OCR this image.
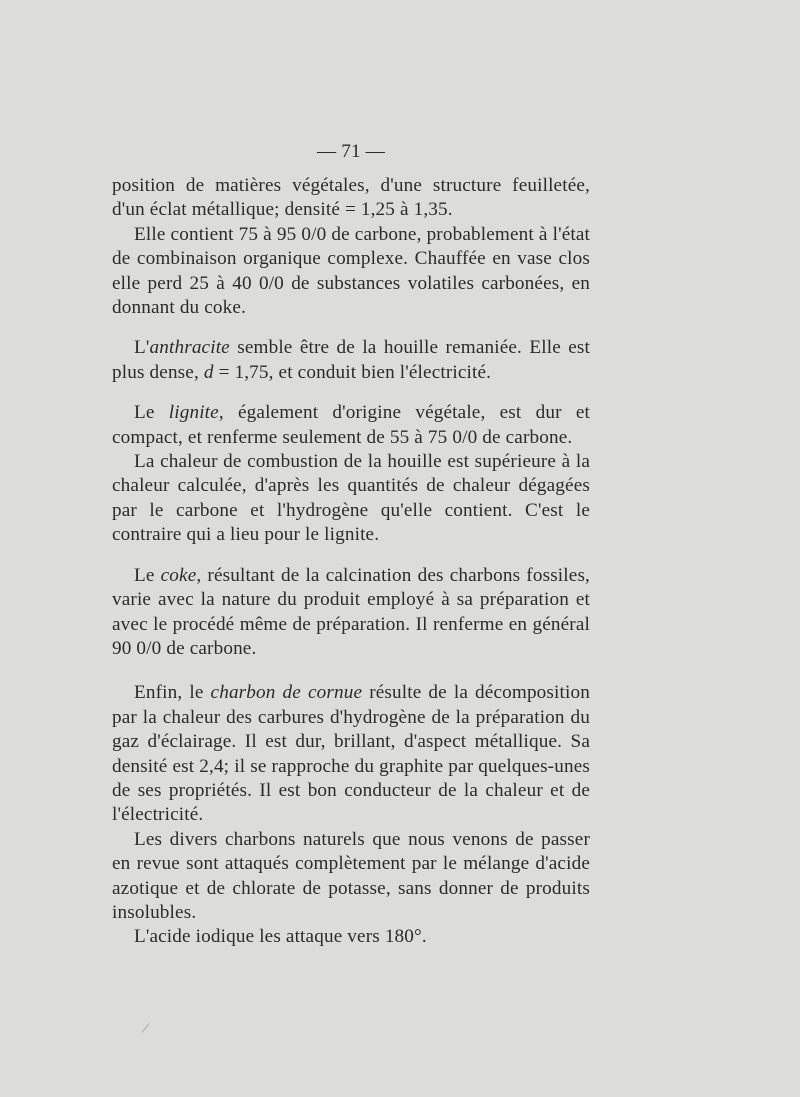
— 71 —

position de matières végétales, d'une structure feuilletée, d'un éclat métallique; densité = 1,25 à 1,35.

Elle contient 75 à 95 0/0 de carbone, probablement à l'état de combinaison organique complexe. Chauffée en vase clos elle perd 25 à 40 0/0 de substances volatiles carbonées, en donnant du coke.

L'anthracite semble être de la houille remaniée. Elle est plus dense, d = 1,75, et conduit bien l'électricité.

Le lignite, également d'origine végétale, est dur et compact, et renferme seulement de 55 à 75 0/0 de carbone.

La chaleur de combustion de la houille est supérieure à la chaleur calculée, d'après les quantités de chaleur dégagées par le carbone et l'hydrogène qu'elle contient. C'est le contraire qui a lieu pour le lignite.

Le coke, résultant de la calcination des charbons fossiles, varie avec la nature du produit employé à sa préparation et avec le procédé même de préparation. Il renferme en général 90 0/0 de carbone.

Enfin, le charbon de cornue résulte de la décomposition par la chaleur des carbures d'hydrogène de la préparation du gaz d'éclairage. Il est dur, brillant, d'aspect métallique. Sa densité est 2,4; il se rapproche du graphite par quelques-unes de ses propriétés. Il est bon conducteur de la chaleur et de l'électricité.

Les divers charbons naturels que nous venons de passer en revue sont attaqués complètement par le mélange d'acide azotique et de chlorate de potasse, sans donner de produits insolubles.

L'acide iodique les attaque vers 180°.

/
